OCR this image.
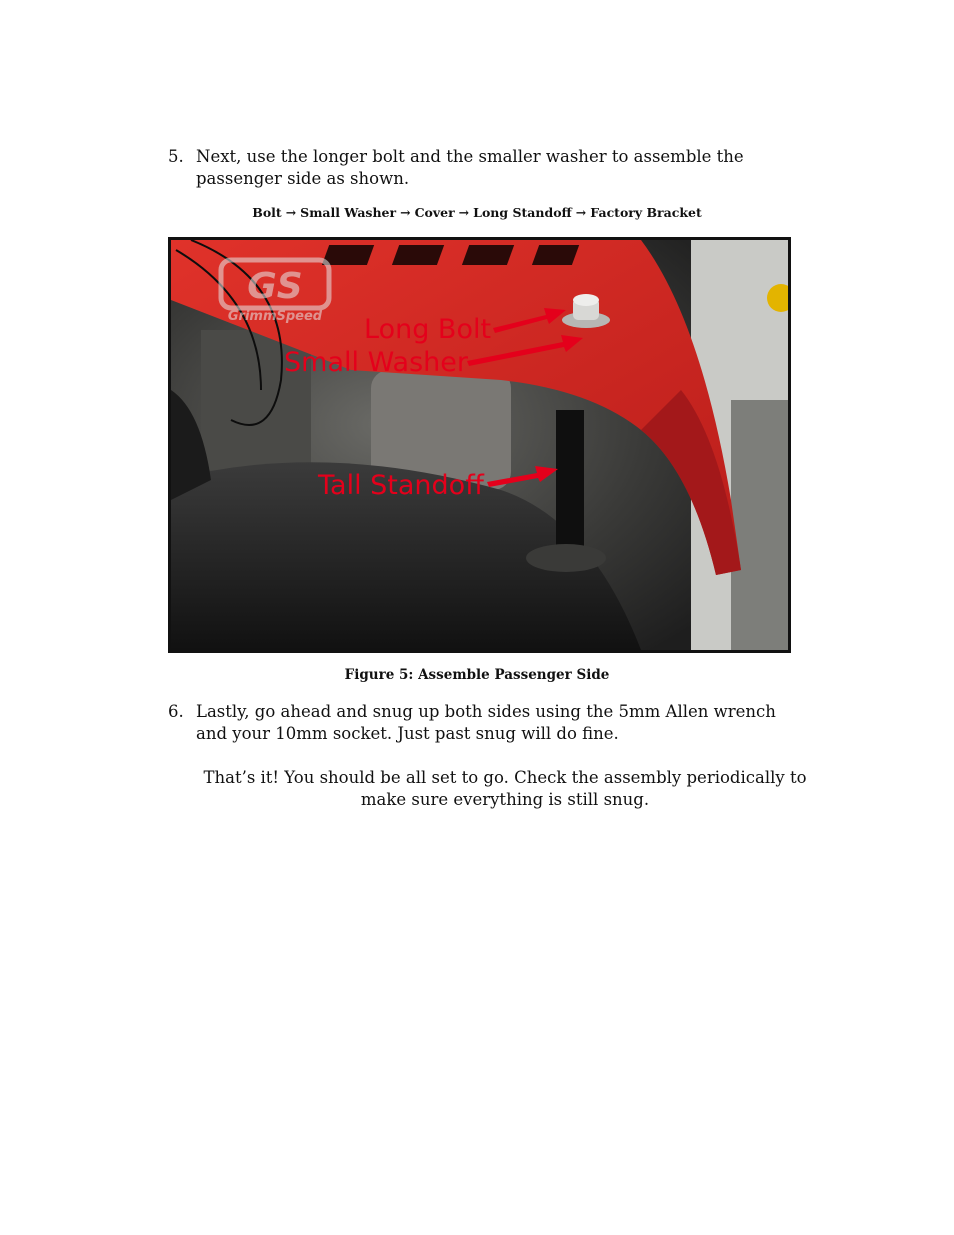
5. Next, use the longer bolt and the smaller washer to assemble the passenger side as shown.
Bolt → Small Washer → Cover → Long Standoff → Factory Bracket
GS
GrimmSpeed Long Bolt
Small Washer
Tall Standoff
Figure 5: Assemble Passenger Side
6. Lastly, go ahead and snug up both sides using the 5mm Allen wrench and your 10mm socket. Just past snug will do fine.
That’s it! You should be all set to go. Check the assembly periodically to make sure everything is still snug.
